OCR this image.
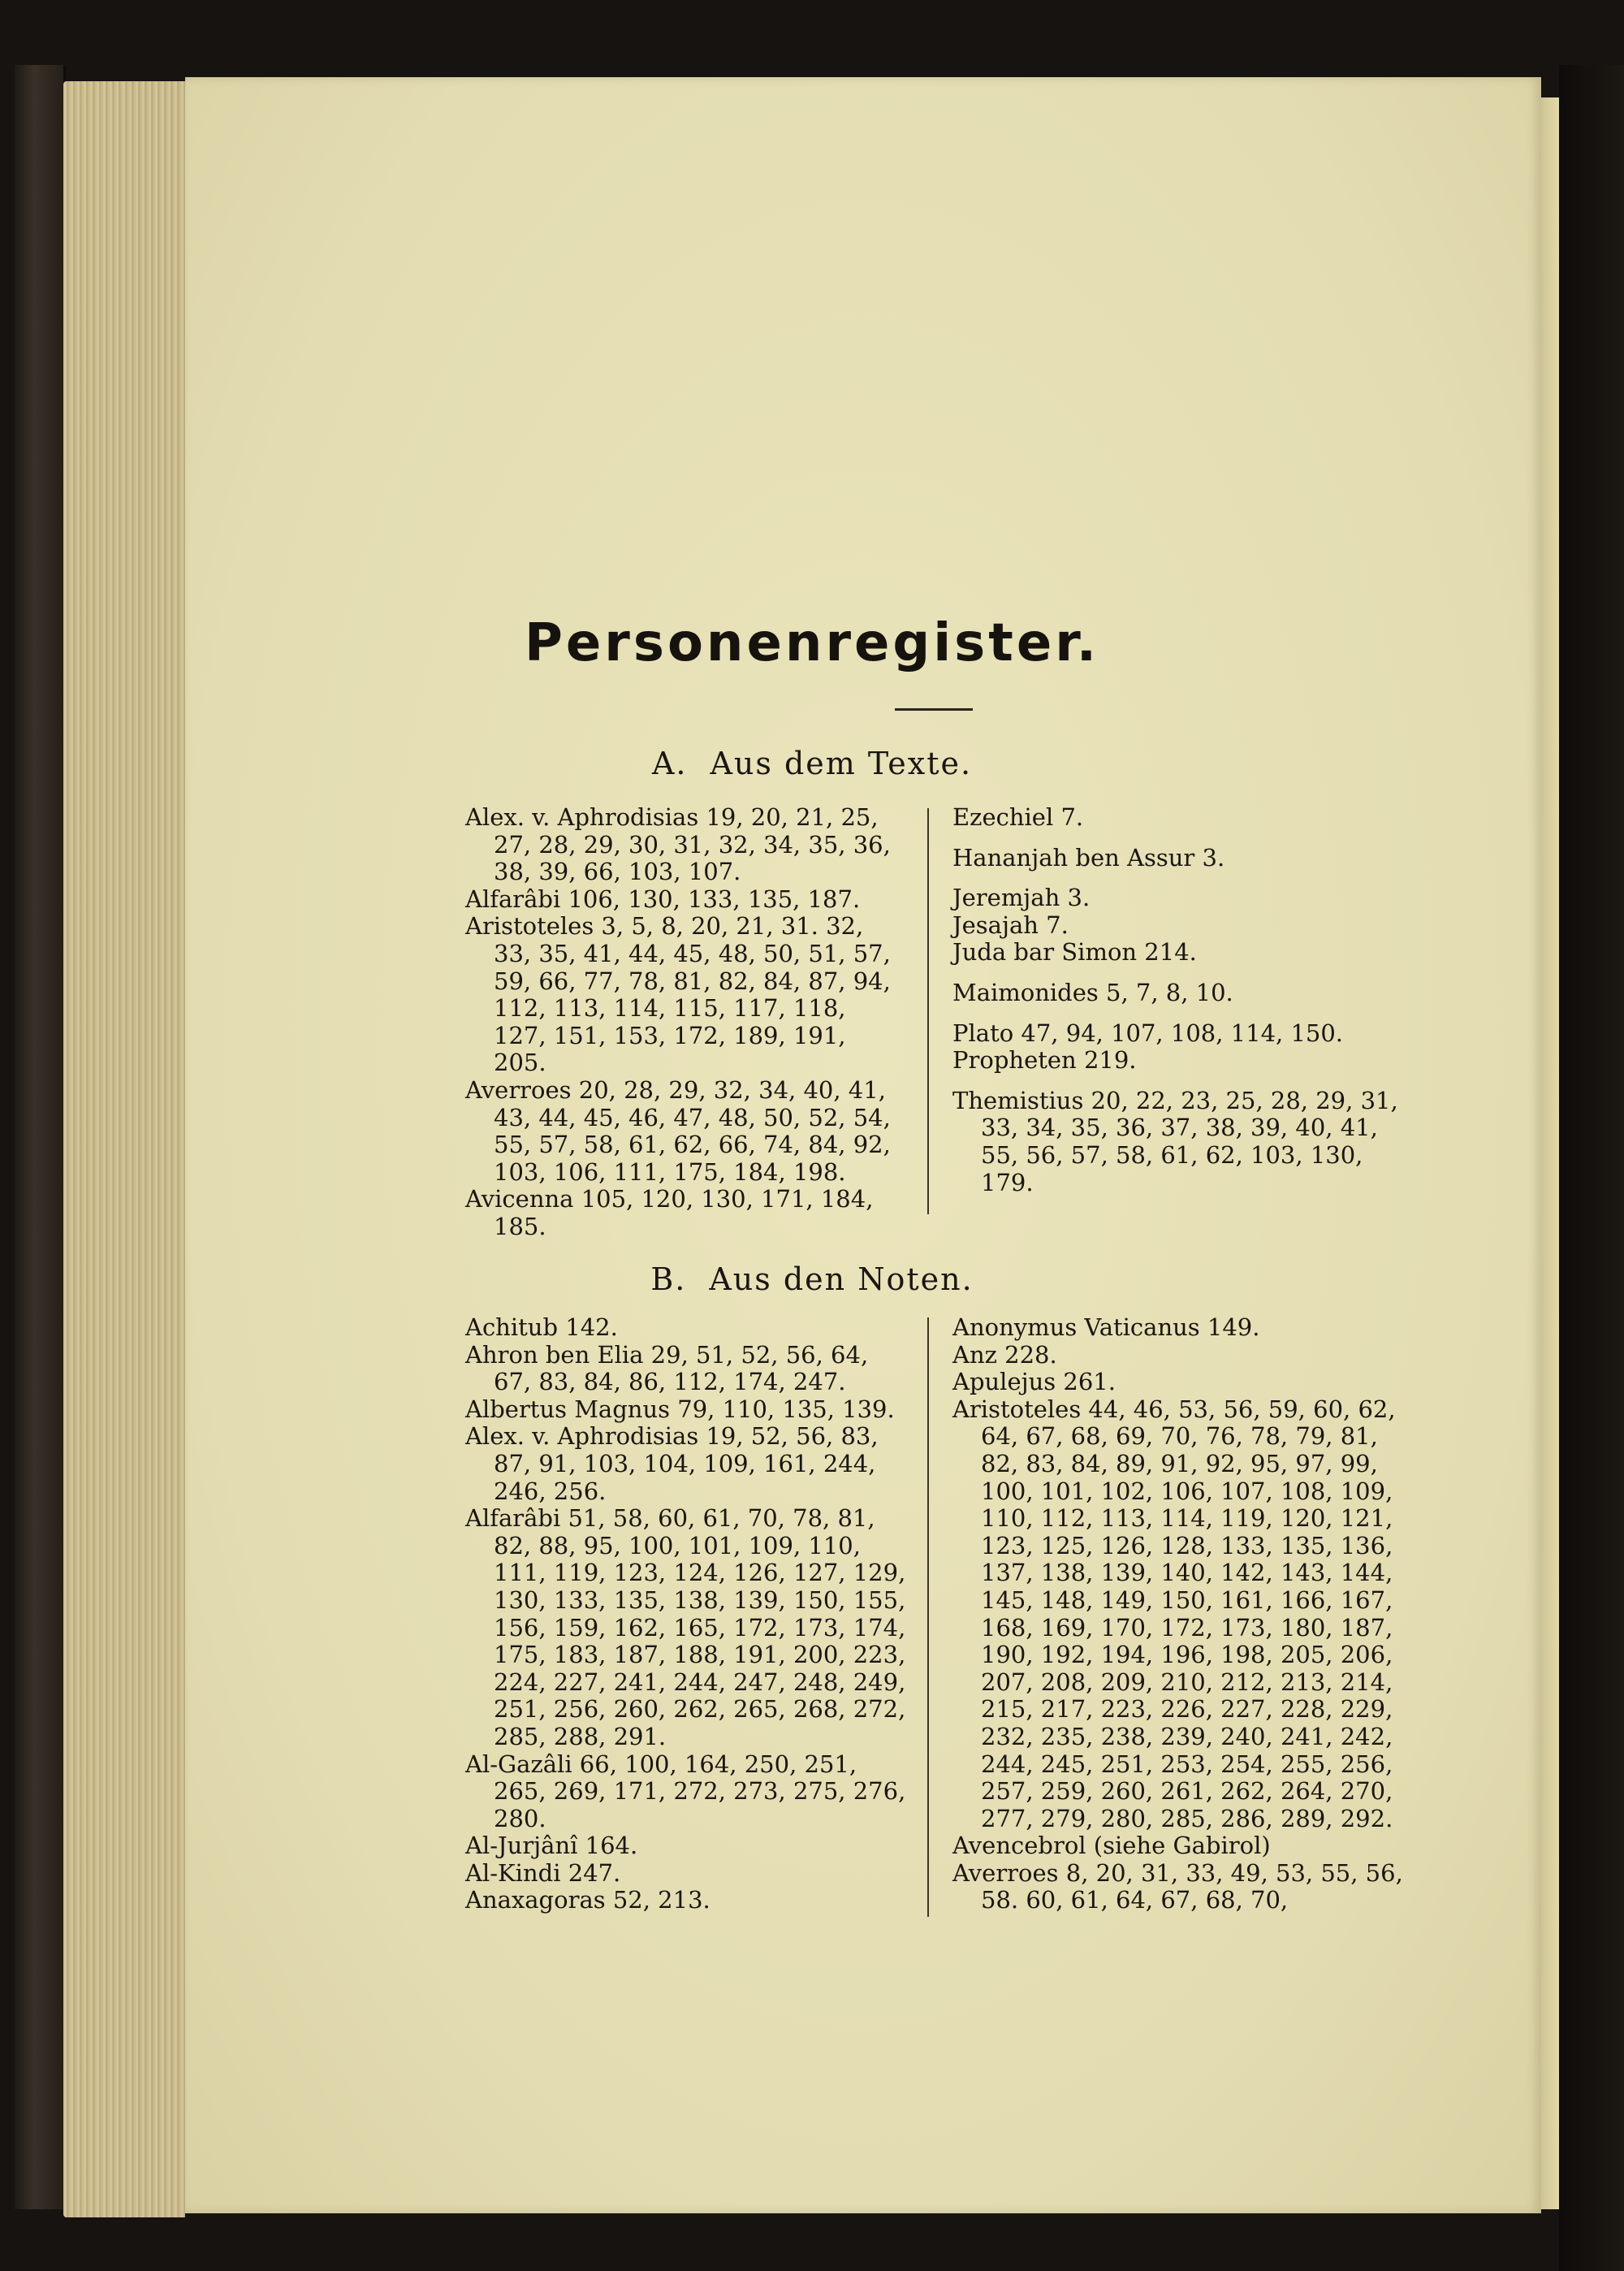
Personenregister.
A. Aus dem Texte.

Alex. v. Aphrodisias 19, 20, 21, 25, 27, 28, 29, 30, 31, 32, 34, 35, 36, 38, 39, 66, 103, 107.

Alfarâbi 106, 130, 133, 135, 187.

Aristoteles 3, 5, 8, 20, 21, 31. 32, 33, 35, 41, 44, 45, 48, 50, 51, 57, 59, 66, 77, 78, 81, 82, 84, 87, 94, 112, 113, 114, 115, 117, 118, 127, 151, 153, 172, 189, 191, 205.

Averroes 20, 28, 29, 32, 34, 40, 41, 43, 44, 45, 46, 47, 48, 50, 52, 54, 55, 57, 58, 61, 62, 66, 74, 84, 92, 103, 106, 111, 175, 184, 198.

Avicenna 105, 120, 130, 171, 184, 185.

Ezechiel 7.

Hananjah ben Assur 3.

Jeremjah 3.

Jesajah 7.

Juda bar Simon 214.

Maimonides 5, 7, 8, 10.

Plato 47, 94, 107, 108, 114, 150.

Propheten 219.

Themistius 20, 22, 23, 25, 28, 29, 31, 33, 34, 35, 36, 37, 38, 39, 40, 41, 55, 56, 57, 58, 61, 62, 103, 130, 179.

B. Aus den Noten.

Achitub 142.

Ahron ben Elia 29, 51, 52, 56, 64, 67, 83, 84, 86, 112, 174, 247.

Albertus Magnus 79, 110, 135, 139.

Alex. v. Aphrodisias 19, 52, 56, 83, 87, 91, 103, 104, 109, 161, 244, 246, 256.

Alfarâbi 51, 58, 60, 61, 70, 78, 81, 82, 88, 95, 100, 101, 109, 110, 111, 119, 123, 124, 126, 127, 129, 130, 133, 135, 138, 139, 150, 155, 156, 159, 162, 165, 172, 173, 174, 175, 183, 187, 188, 191, 200, 223, 224, 227, 241, 244, 247, 248, 249, 251, 256, 260, 262, 265, 268, 272, 285, 288, 291.

Al-Gazâli 66, 100, 164, 250, 251, 265, 269, 171, 272, 273, 275, 276, 280.

Al-Jurjânî 164.

Al-Kindi 247.

Anaxagoras 52, 213.

Anonymus Vaticanus 149.

Anz 228.

Apulejus 261.

Aristoteles 44, 46, 53, 56, 59, 60, 62, 64, 67, 68, 69, 70, 76, 78, 79, 81, 82, 83, 84, 89, 91, 92, 95, 97, 99, 100, 101, 102, 106, 107, 108, 109, 110, 112, 113, 114, 119, 120, 121, 123, 125, 126, 128, 133, 135, 136, 137, 138, 139, 140, 142, 143, 144, 145, 148, 149, 150, 161, 166, 167, 168, 169, 170, 172, 173, 180, 187, 190, 192, 194, 196, 198, 205, 206, 207, 208, 209, 210, 212, 213, 214, 215, 217, 223, 226, 227, 228, 229, 232, 235, 238, 239, 240, 241, 242, 244, 245, 251, 253, 254, 255, 256, 257, 259, 260, 261, 262, 264, 270, 277, 279, 280, 285, 286, 289, 292.

Avencebrol (siehe Gabirol)

Averroes 8, 20, 31, 33, 49, 53, 55, 56, 58. 60, 61, 64, 67, 68, 70,
